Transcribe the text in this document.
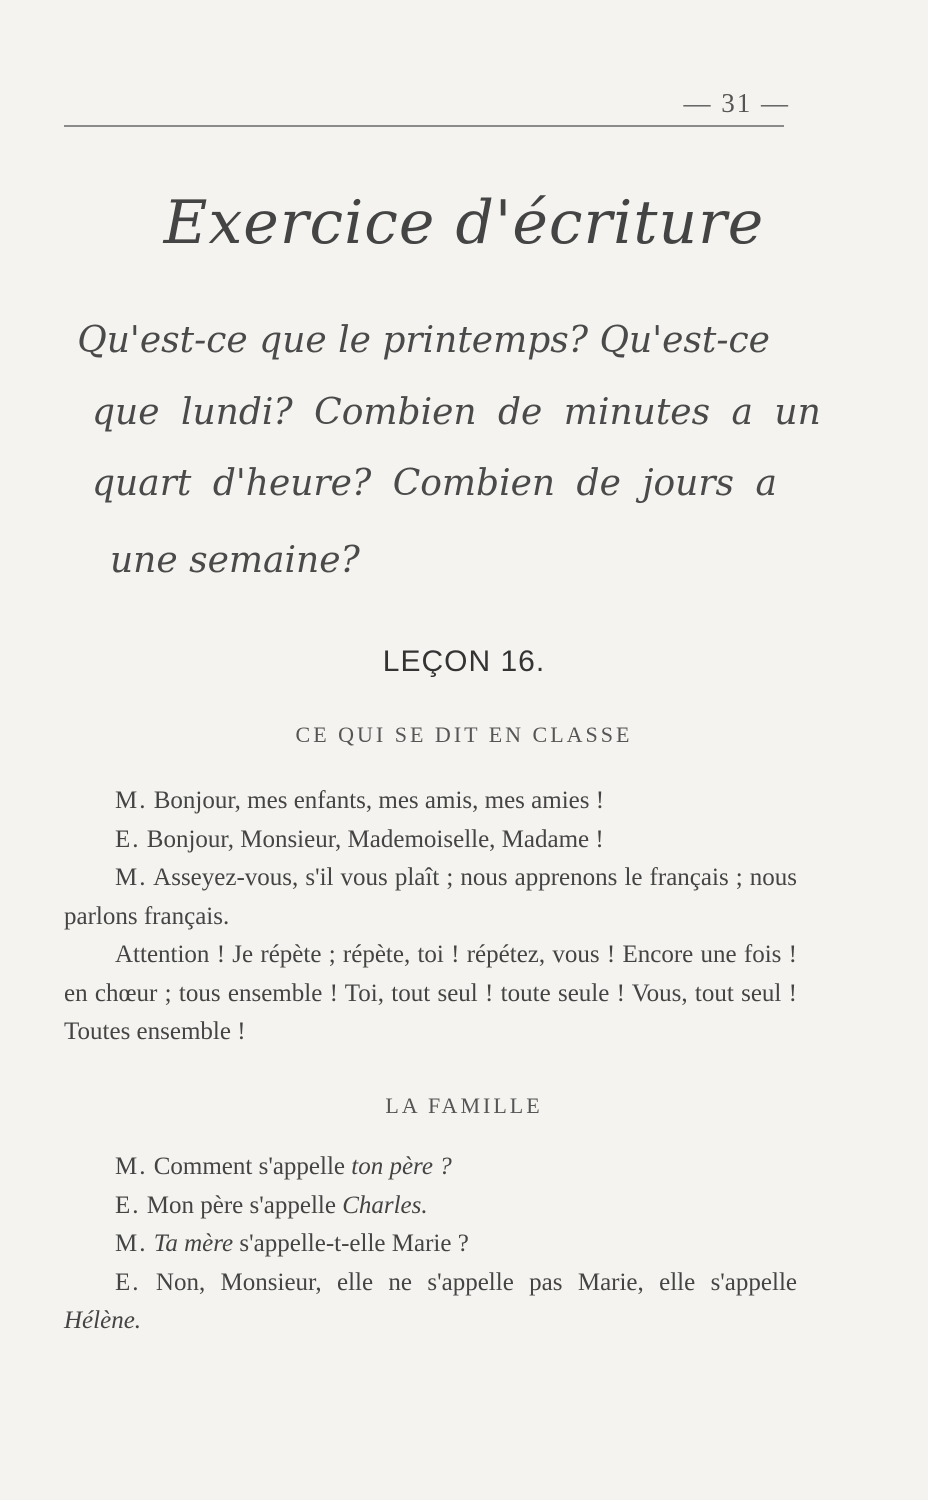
— 31 —
Exercice d'écriture
Qu'est-ce que le printemps? Qu'est-ce
que lundi? Combien de minutes a un
quart d'heure? Combien de jours a
une semaine?
LEÇON 16.
CE QUI SE DIT EN CLASSE
M. Bonjour, mes enfants, mes amis, mes amies !
E. Bonjour, Monsieur, Mademoiselle, Madame !
M. Asseyez-vous, s'il vous plaît ; nous apprenons le français ; nous parlons français.
Attention ! Je répète ; répète, toi ! répétez, vous ! Encore une fois ! en chœur ; tous ensemble ! Toi, tout seul ! toute seule ! Vous, tout seul ! Toutes ensemble !
LA FAMILLE
M. Comment s'appelle ton père ?
E. Mon père s'appelle Charles.
M. Ta mère s'appelle-t-elle Marie ?
E. Non, Monsieur, elle ne s'appelle pas Marie, elle s'appelle Hélène.
